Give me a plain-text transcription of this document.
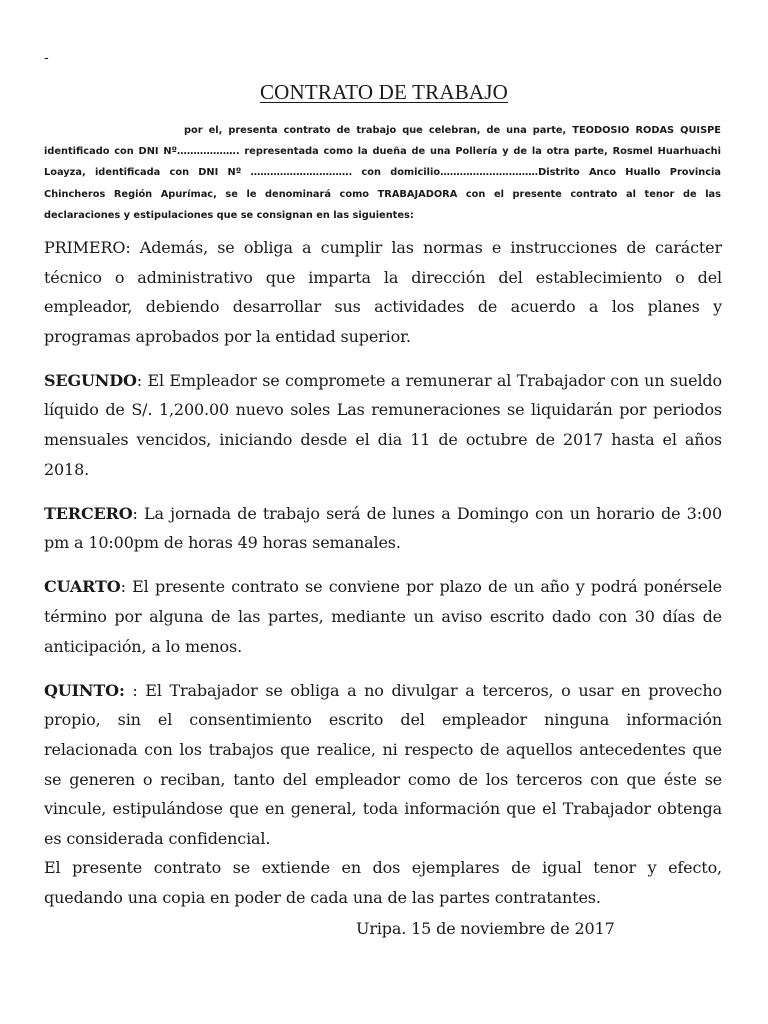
-
CONTRATO DE TRABAJO
por el, presenta contrato de trabajo que celebran, de una parte, TEODOSIO RODAS QUISPE identificado con DNI Nº………………. representada como la dueña de una Pollería y de la otra parte, Rosmel Huarhuachi Loayza, identificada con DNI Nº …………………………. con domicilio…………………………Distrito Anco Huallo Provincia Chincheros Región Apurímac, se le denominará como TRABAJADORA con el presente contrato al tenor de las declaraciones y estipulaciones que se consignan en las siguientes:

PRIMERO: Además, se obliga a cumplir las normas e instrucciones de carácter técnico o administrativo que imparta la dirección del establecimiento o del empleador, debiendo desarrollar sus actividades de acuerdo a los planes y programas aprobados por la entidad superior.

SEGUNDO: El Empleador se compromete a remunerar al Trabajador con un sueldo líquido de S/. 1,200.00 nuevo soles Las remuneraciones se liquidarán por periodos mensuales vencidos, iniciando desde el dia 11 de octubre de 2017 hasta el años 2018.

TERCERO: La jornada de trabajo será de lunes a Domingo con un horario de 3:00 pm a 10:00pm de horas 49 horas semanales.

CUARTO: El presente contrato se conviene por plazo de un año y podrá ponérsele término por alguna de las partes, mediante un aviso escrito dado con 30 días de anticipación, a lo menos.

QUINTO: : El Trabajador se obliga a no divulgar a terceros, o usar en provecho propio, sin el consentimiento escrito del empleador ninguna información relacionada con los trabajos que realice, ni respecto de aquellos antecedentes que se generen o reciban, tanto del empleador como de los terceros con que éste se vincule, estipulándose que en general, toda información que el Trabajador obtenga es considerada confidencial.

El presente contrato se extiende en dos ejemplares de igual tenor y efecto, quedando una copia en poder de cada una de las partes contratantes.

Uripa. 15 de noviembre de 2017
